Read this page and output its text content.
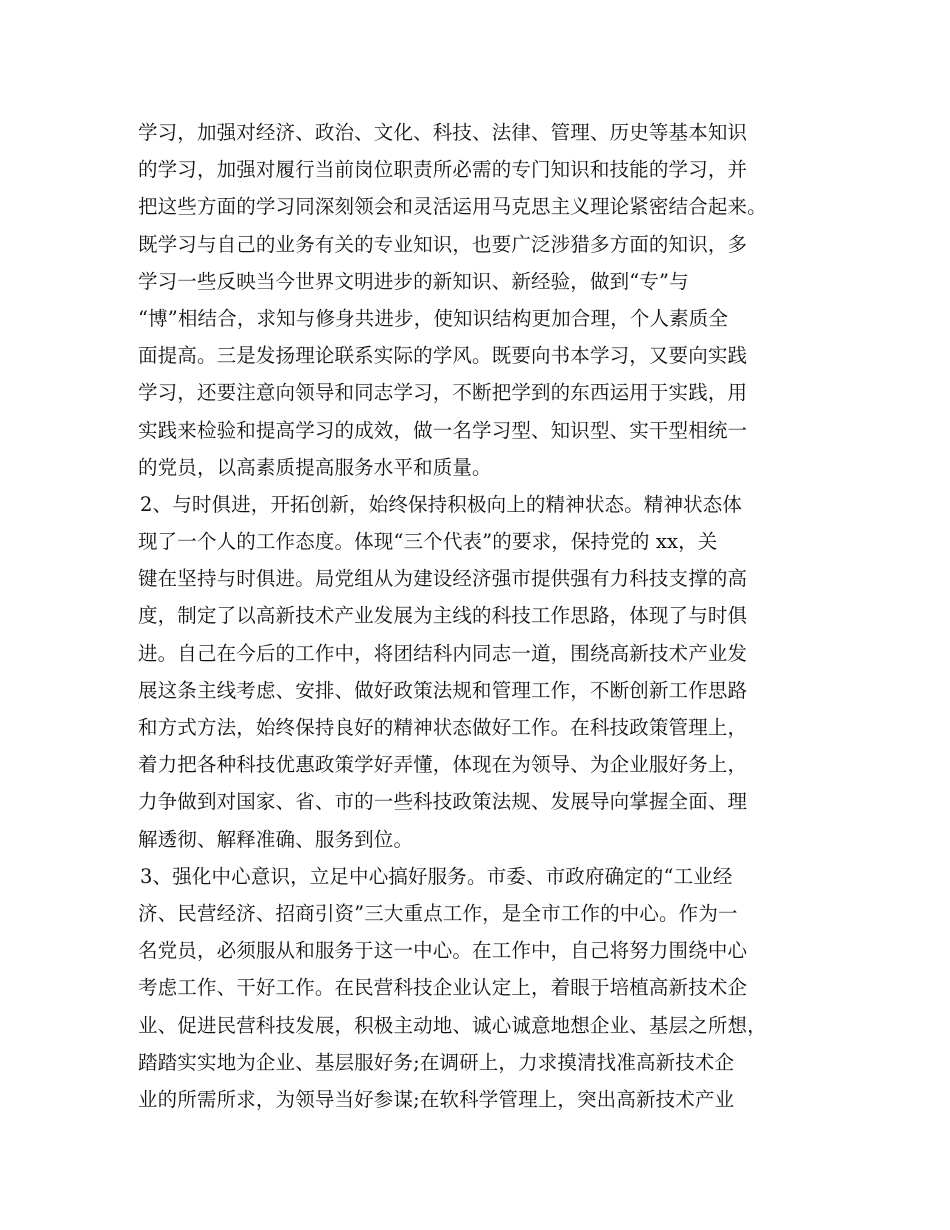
学习，加强对经济、政治、文化、科技、法律、管理、历史等基本知识
的学习，加强对履行当前岗位职责所必需的专门知识和技能的学习，并
把这些方面的学习同深刻领会和灵活运用马克思主义理论紧密结合起来。
既学习与自己的业务有关的专业知识，也要广泛涉猎多方面的知识，多
学习一些反映当今世界文明进步的新知识、新经验，做到“专”与
“博”相结合，求知与修身共进步，使知识结构更加合理，个人素质全
面提高。三是发扬理论联系实际的学风。既要向书本学习，又要向实践
学习，还要注意向领导和同志学习，不断把学到的东西运用于实践，用
实践来检验和提高学习的成效，做一名学习型、知识型、实干型相统一
的党员，以高素质提高服务水平和质量。
2、与时俱进，开拓创新，始终保持积极向上的精神状态。精神状态体
现了一个人的工作态度。体现“三个代表”的要求，保持党的 xx，关
键在坚持与时俱进。局党组从为建设经济强市提供强有力科技支撑的高
度，制定了以高新技术产业发展为主线的科技工作思路，体现了与时俱
进。自己在今后的工作中，将团结科内同志一道，围绕高新技术产业发
展这条主线考虑、安排、做好政策法规和管理工作，不断创新工作思路
和方式方法，始终保持良好的精神状态做好工作。在科技政策管理上，
着力把各种科技优惠政策学好弄懂，体现在为领导、为企业服好务上，
力争做到对国家、省、市的一些科技政策法规、发展导向掌握全面、理
解透彻、解释准确、服务到位。
3、强化中心意识，立足中心搞好服务。市委、市政府确定的“工业经
济、民营经济、招商引资”三大重点工作，是全市工作的中心。作为一
名党员，必须服从和服务于这一中心。在工作中，自己将努力围绕中心
考虑工作、干好工作。在民营科技企业认定上，着眼于培植高新技术企
业、促进民营科技发展，积极主动地、诚心诚意地想企业、基层之所想，
踏踏实实地为企业、基层服好务;在调研上，力求摸清找准高新技术企
业的所需所求，为领导当好参谋;在软科学管理上，突出高新技术产业
